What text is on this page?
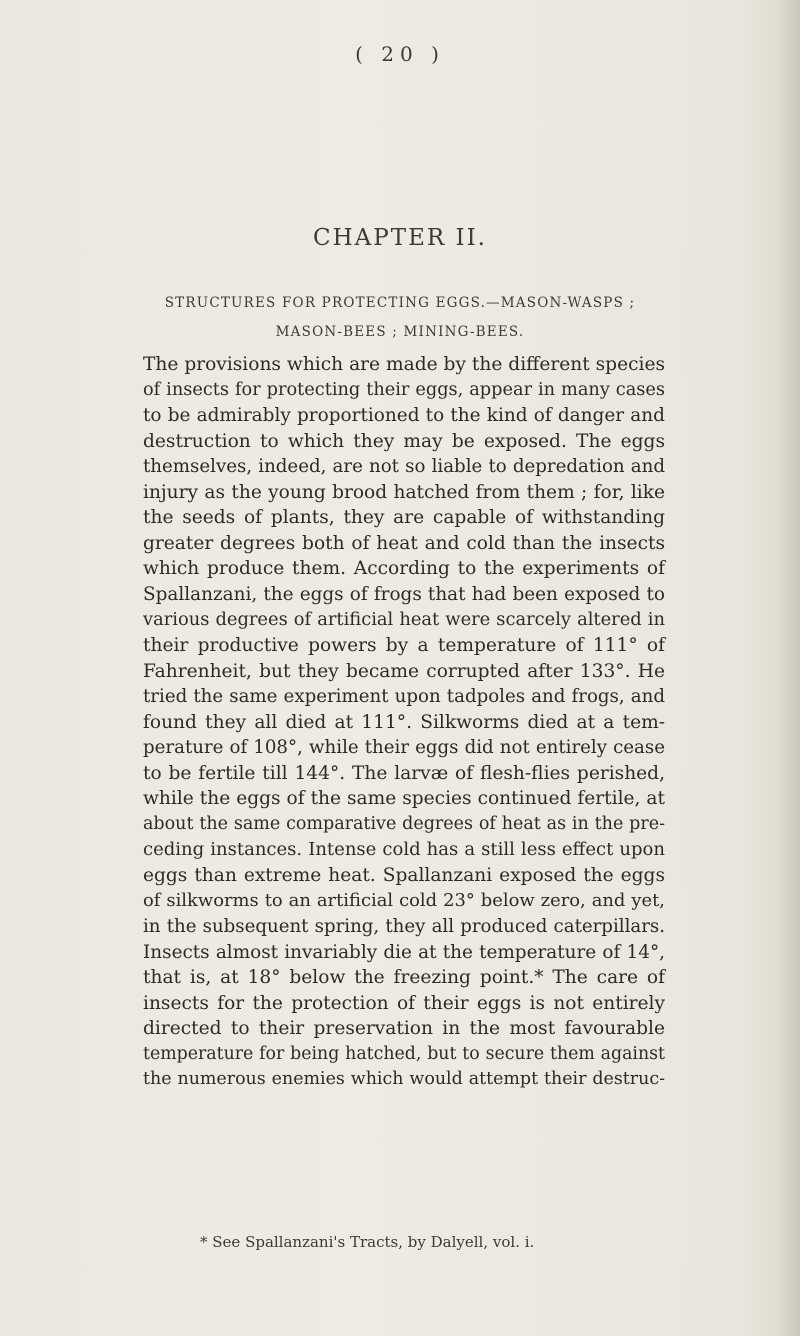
( 20 )
CHAPTER II.
STRUCTURES FOR PROTECTING EGGS.—MASON-WASPS ; MASON-BEES ; MINING-BEES.
The provisions which are made by the different species
of insects for protecting their eggs, appear in many cases
to be admirably proportioned to the kind of danger and
destruction to which they may be exposed. The eggs
themselves, indeed, are not so liable to depredation and
injury as the young brood hatched from them ; for, like
the seeds of plants, they are capable of withstanding
greater degrees both of heat and cold than the insects
which produce them. According to the experiments of
Spallanzani, the eggs of frogs that had been exposed to
various degrees of artificial heat were scarcely altered in
their productive powers by a temperature of 111° of
Fahrenheit, but they became corrupted after 133°. He
tried the same experiment upon tadpoles and frogs, and
found they all died at 111°. Silkworms died at a tem-
perature of 108°, while their eggs did not entirely cease
to be fertile till 144°. The larvæ of flesh-flies perished,
while the eggs of the same species continued fertile, at
about the same comparative degrees of heat as in the pre-
ceding instances. Intense cold has a still less effect upon
eggs than extreme heat. Spallanzani exposed the eggs
of silkworms to an artificial cold 23° below zero, and yet,
in the subsequent spring, they all produced caterpillars.
Insects almost invariably die at the temperature of 14°,
that is, at 18° below the freezing point.* The care of
insects for the protection of their eggs is not entirely
directed to their preservation in the most favourable
temperature for being hatched, but to secure them against
the numerous enemies which would attempt their destruc-
* See Spallanzani's Tracts, by Dalyell, vol. i.
